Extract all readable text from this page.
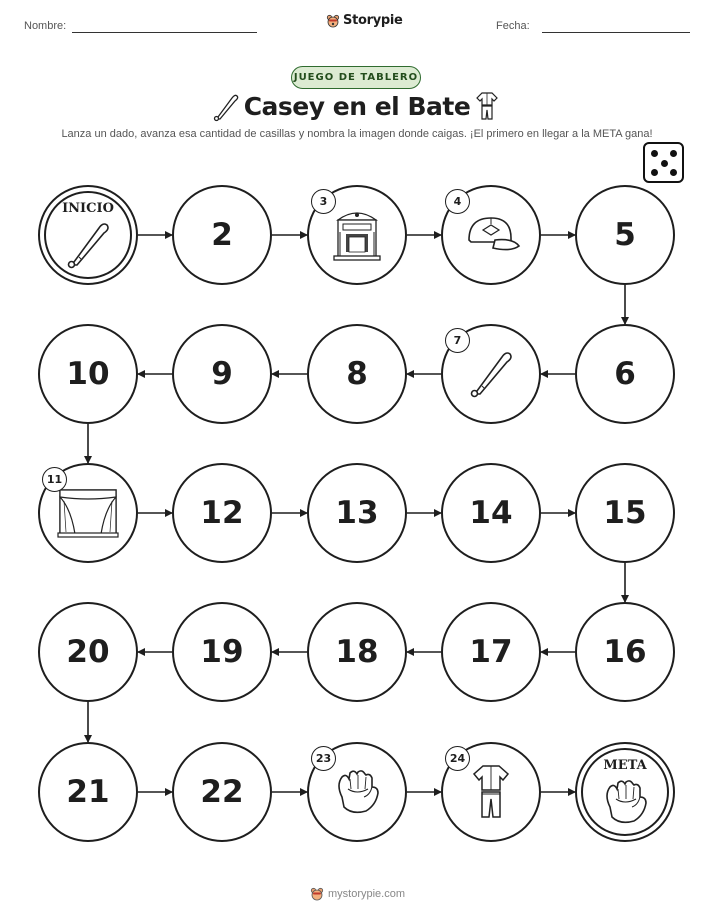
Nombre:	Storypie	Fecha:
JUEGO DE TABLERO
Casey en el Bate
Lanza un dado, avanza esa cantidad de casillas y nombra la imagen donde caigas. ¡El primero en llegar a la META gana!
INICIO
2
3	4
5
6
7
8
9
10
11
12	13	14	15
16
17
18
19
20
21	22
23	24	META
mystorypie.com
